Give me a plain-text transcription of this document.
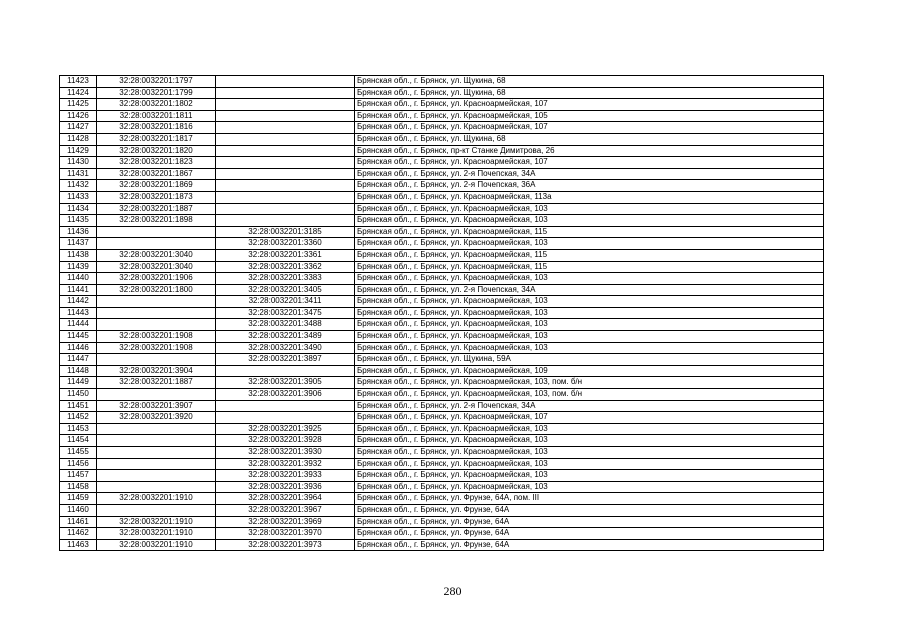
11423	32:28:0032201:1797		Брянская обл., г. Брянск, ул. Щукина, 68
11424	32:28:0032201:1799		Брянская обл., г. Брянск, ул. Щукина, 68
11425	32:28:0032201:1802		Брянская обл., г. Брянск, ул. Красноармейская, 107
11426	32:28:0032201:1811		Брянская обл., г. Брянск, ул. Красноармейская, 105
11427	32:28:0032201:1816		Брянская обл., г. Брянск, ул. Красноармейская, 107
11428	32:28:0032201:1817		Брянская обл., г. Брянск, ул. Щукина, 68
11429	32:28:0032201:1820		Брянская обл., г. Брянск, пр-кт Станке Димитрова, 26
11430	32:28:0032201:1823		Брянская обл., г. Брянск, ул. Красноармейская, 107
11431	32:28:0032201:1867		Брянская обл., г. Брянск, ул. 2-я Почепская, 34А
11432	32:28:0032201:1869		Брянская обл., г. Брянск, ул. 2-я Почепская, 36А
11433	32:28:0032201:1873		Брянская обл., г. Брянск, ул. Красноармейская, 113а
11434	32:28:0032201:1887		Брянская обл., г. Брянск, ул. Красноармейская, 103
11435	32:28:0032201:1898		Брянская обл., г. Брянск, ул. Красноармейская, 103
11436		32:28:0032201:3185	Брянская обл., г. Брянск, ул. Красноармейская, 115
11437		32:28:0032201:3360	Брянская обл., г. Брянск, ул. Красноармейская, 103
11438	32:28:0032201:3040	32:28:0032201:3361	Брянская обл., г. Брянск, ул. Красноармейская, 115
11439	32:28:0032201:3040	32:28:0032201:3362	Брянская обл., г. Брянск, ул. Красноармейская, 115
11440	32:28:0032201:1906	32:28:0032201:3383	Брянская обл., г. Брянск, ул. Красноармейская, 103
11441	32:28:0032201:1800	32:28:0032201:3405	Брянская обл., г. Брянск, ул. 2-я Почепская, 34А
11442		32:28:0032201:3411	Брянская обл., г. Брянск, ул. Красноармейская, 103
11443		32:28:0032201:3475	Брянская обл., г. Брянск, ул. Красноармейская, 103
11444		32:28:0032201:3488	Брянская обл., г. Брянск, ул. Красноармейская, 103
11445	32:28:0032201:1908	32:28:0032201:3489	Брянская обл., г. Брянск, ул. Красноармейская, 103
11446	32:28:0032201:1908	32:28:0032201:3490	Брянская обл., г. Брянск, ул. Красноармейская, 103
11447		32:28:0032201:3897	Брянская обл., г. Брянск, ул. Щукина, 59А
11448	32:28:0032201:3904		Брянская обл., г. Брянск, ул. Красноармейская, 109
11449	32:28:0032201:1887	32:28:0032201:3905	Брянская обл., г. Брянск, ул. Красноармейская, 103, пом. б/н
11450		32:28:0032201:3906	Брянская обл., г. Брянск, ул. Красноармейская, 103, пом. б/н
11451	32:28:0032201:3907		Брянская обл., г. Брянск, ул. 2-я Почепская, 34А
11452	32:28:0032201:3920		Брянская обл., г. Брянск, ул. Красноармейская, 107
11453		32:28:0032201:3925	Брянская обл., г. Брянск, ул. Красноармейская, 103
11454		32:28:0032201:3928	Брянская обл., г. Брянск, ул. Красноармейская, 103
11455		32:28:0032201:3930	Брянская обл., г. Брянск, ул. Красноармейская, 103
11456		32:28:0032201:3932	Брянская обл., г. Брянск, ул. Красноармейская, 103
11457		32:28:0032201:3933	Брянская обл., г. Брянск, ул. Красноармейская, 103
11458		32:28:0032201:3936	Брянская обл., г. Брянск, ул. Красноармейская, 103
11459	32:28:0032201:1910	32:28:0032201:3964	Брянская обл., г. Брянск, ул. Фрунзе, 64А, пом. III
11460		32:28:0032201:3967	Брянская обл., г. Брянск, ул. Фрунзе, 64А
11461	32:28:0032201:1910	32:28:0032201:3969	Брянская обл., г. Брянск, ул. Фрунзе, 64А
11462	32:28:0032201:1910	32:28:0032201:3970	Брянская обл., г. Брянск, ул. Фрунзе, 64А
11463	32:28:0032201:1910	32:28:0032201:3973	Брянская обл., г. Брянск, ул. Фрунзе, 64А
280
